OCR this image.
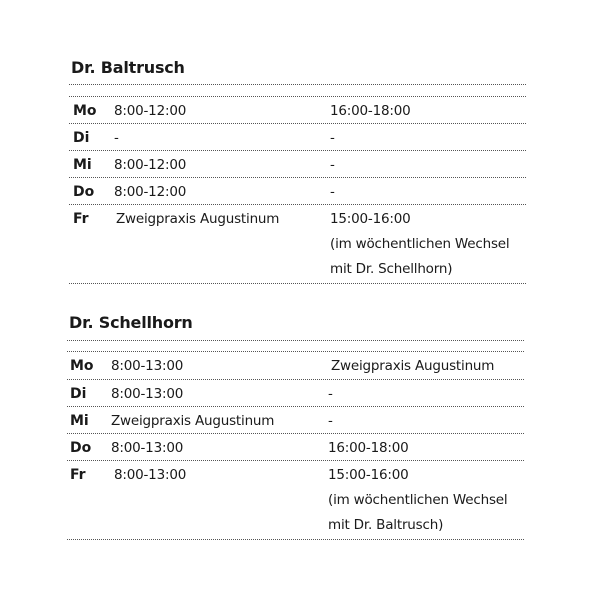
Dr. Baltrusch
Mo 8:00-12:00	16:00-18:00
Di -	-
Mi 8:00-12:00	-
Do 8:00-12:00	-
Fr Zweigpraxis Augustinum	15:00-16:00
(im wöchentlichen Wechsel
mit Dr. Schellhorn)
Dr. Schellhorn
Mo 8:00-13:00	Zweigpraxis Augustinum
Di 8:00-13:00	-
Mi Zweigpraxis Augustinum	-
Do 8:00-13:00	16:00-18:00
Fr 8:00-13:00	15:00-16:00
(im wöchentlichen Wechsel
mit Dr. Baltrusch)
